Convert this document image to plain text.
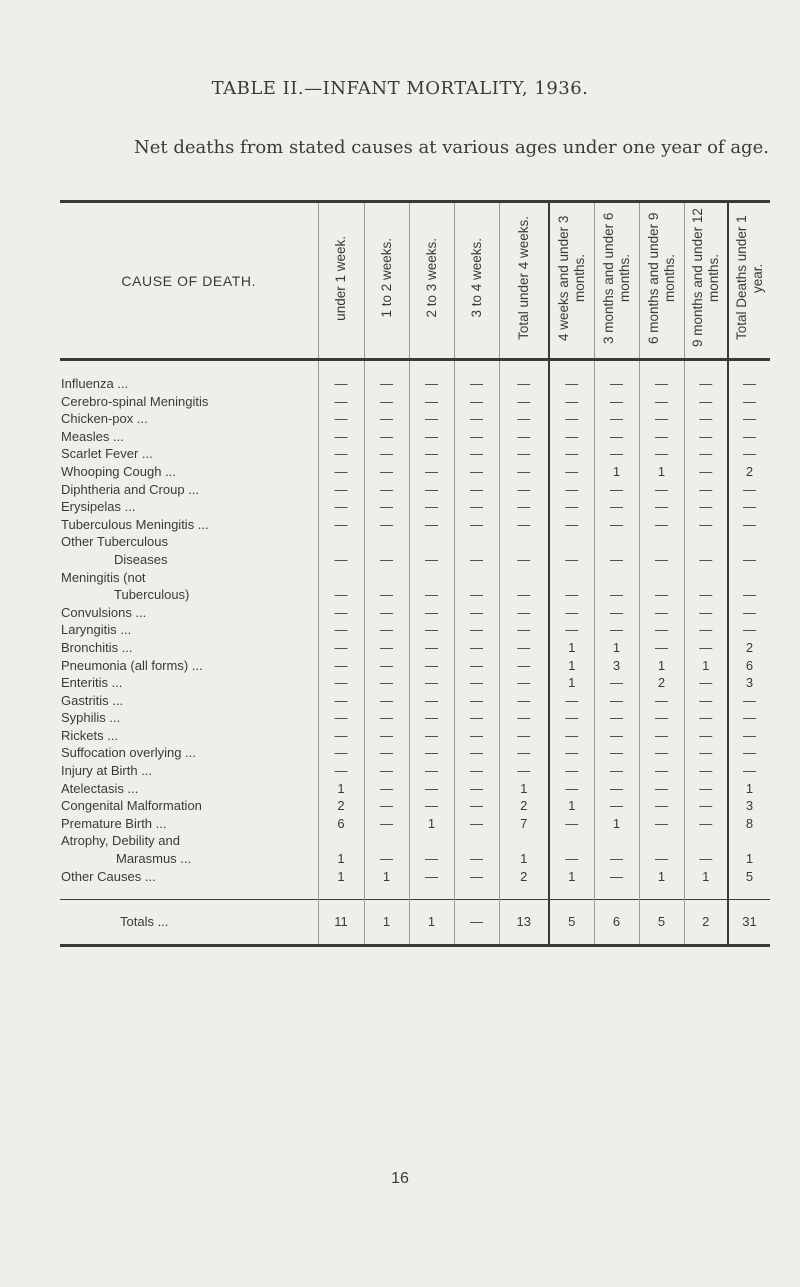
TABLE II.—INFANT MORTALITY, 1936.
Net deaths from stated causes at various ages under one year of age.
CAUSE OF DEATH.	under 1 week.	1 to 2 weeks.	2 to 3 weeks.	3 to 4 weeks.	Total under 4 weeks.	4 weeks and under 3 months.	3 months and under 6 months.	6 months and under 9 months.	9 months and under 12 months.	Total Deaths under 1 year.

Influenza ...	—	—	—	—	—	—	—	—	—	—
Cerebro-spinal Meningitis	—	—	—	—	—	—	—	—	—	—
Chicken-pox ...	—	—	—	—	—	—	—	—	—	—
Measles ...	—	—	—	—	—	—	—	—	—	—
Scarlet Fever ...	—	—	—	—	—	—	—	—	—	—
Whooping Cough ...	—	—	—	—	—	—	1	1	—	2
Diphtheria and Croup ...	—	—	—	—	—	—	—	—	—	—
Erysipelas ...	—	—	—	—	—	—	—	—	—	—
Tuberculous Meningitis ...	—	—	—	—	—	—	—	—	—	—
Other Tuberculous										
Diseases	—	—	—	—	—	—	—	—	—	—
Meningitis (not										
Tuberculous)	—	—	—	—	—	—	—	—	—	—
Convulsions ...	—	—	—	—	—	—	—	—	—	—
Laryngitis ...	—	—	—	—	—	—	—	—	—	—
Bronchitis ...	—	—	—	—	—	1	1	—	—	2
Pneumonia (all forms) ...	—	—	—	—	—	1	3	1	1	6
Enteritis ...	—	—	—	—	—	1	—	2	—	3
Gastritis ...	—	—	—	—	—	—	—	—	—	—
Syphilis ...	—	—	—	—	—	—	—	—	—	—
Rickets ...	—	—	—	—	—	—	—	—	—	—
Suffocation overlying ...	—	—	—	—	—	—	—	—	—	—
Injury at Birth ...	—	—	—	—	—	—	—	—	—	—
Atelectasis ...	1	—	—	—	1	—	—	—	—	1
Congenital Malformation	2	—	—	—	2	1	—	—	—	3
Premature Birth ...	6	—	1	—	7	—	1	—	—	8
Atrophy, Debility and										
Marasmus ...	1	—	—	—	1	—	—	—	—	1
Other Causes ...	1	1	—	—	2	1	—	1	1	5

Totals ...	11	1	1	—	13	5	6	5	2	31
16
